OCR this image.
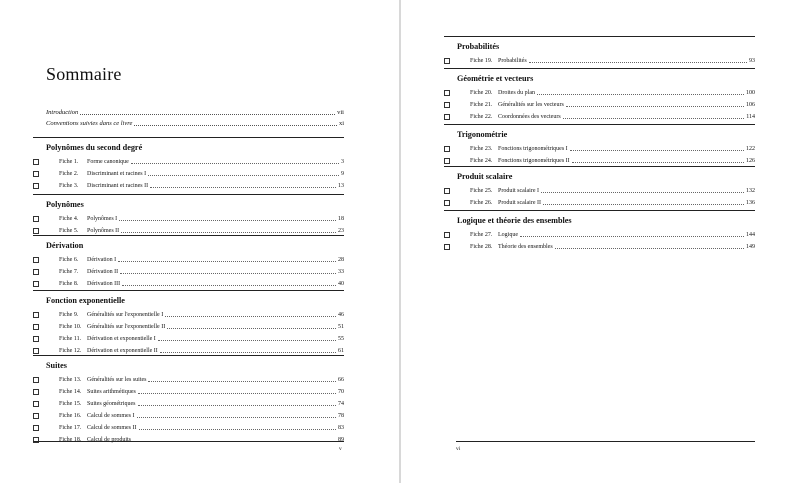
Sommaire
Introduction	vii
Conventions suivies dans ce livre	xi
Polynômes du second degré
Fiche 1.	Forme canonique	3
Fiche 2.	Discriminant et racines I	9
Fiche 3.	Discriminant et racines II	13
Polynômes
Fiche 4.	Polynômes I	18
Fiche 5.	Polynômes II	23
Dérivation
Fiche 6.	Dérivation I	28
Fiche 7.	Dérivation II	33
Fiche 8.	Dérivation III	40
Fonction exponentielle
Fiche 9.	Généralités sur l'exponentielle I	46
Fiche 10. Généralités sur l'exponentielle II	51
Fiche 11. Dérivation et exponentielle I	55
Fiche 12. Dérivation et exponentielle II	61
Suites
Fiche 13. Généralités sur les suites	66
Fiche 14. Suites arithmétiques	70
Fiche 15. Suites géométriques	74
Fiche 16. Calcul de sommes I	78
Fiche 17. Calcul de sommes II	83
Fiche 18. Calcul de produits	89
v
Probabilités
Fiche 19. Probabilités	93
Géométrie et vecteurs
Fiche 20. Droites du plan	100
Fiche 21. Généralités sur les vecteurs	106
Fiche 22. Coordonnées des vecteurs	114
Trigonométrie
Fiche 23. Fonctions trigonométriques I	122
Fiche 24. Fonctions trigonométriques II	126
Produit scalaire
Fiche 25. Produit scalaire I	132
Fiche 26. Produit scalaire II	136
Logique et théorie des ensembles
Fiche 27. Logique	144
Fiche 28. Théorie des ensembles	149
vi
